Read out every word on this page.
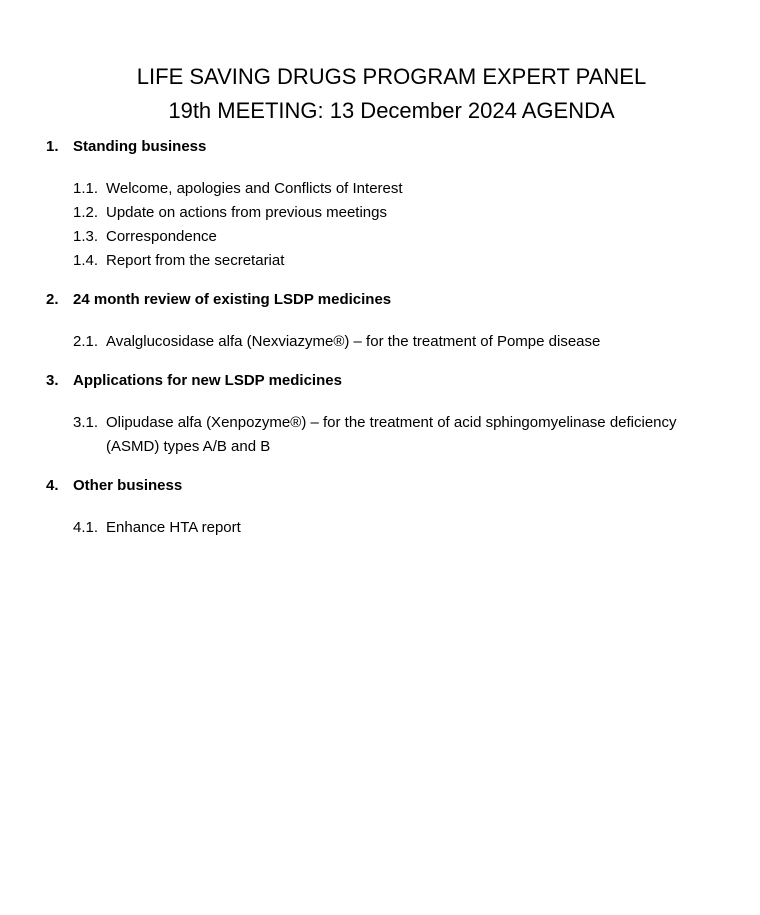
LIFE SAVING DRUGS PROGRAM EXPERT PANEL
19th MEETING: 13 December 2024 AGENDA
1. Standing business
1.1. Welcome, apologies and Conflicts of Interest
1.2. Update on actions from previous meetings
1.3. Correspondence
1.4. Report from the secretariat
2. 24 month review of existing LSDP medicines
2.1. Avalglucosidase alfa (Nexviazyme®) – for the treatment of Pompe disease
3. Applications for new LSDP medicines
3.1. Olipudase alfa (Xenpozyme®) – for the treatment of acid sphingomyelinase deficiency (ASMD) types A/B and B
4. Other business
4.1. Enhance HTA report
